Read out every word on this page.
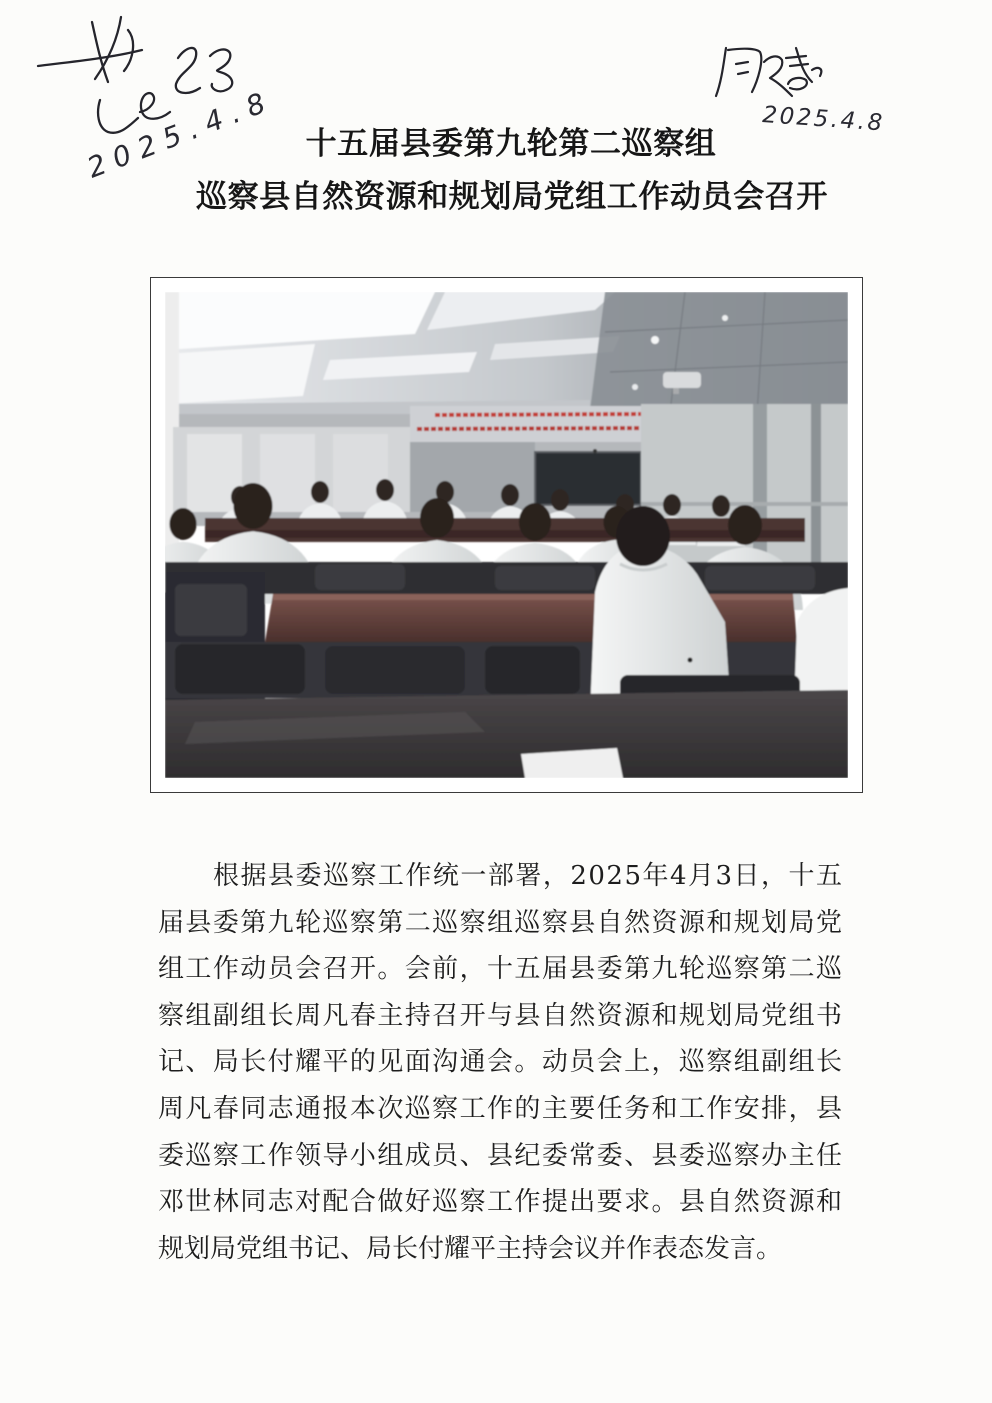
2025.4.8	2025.4.8
十五届县委第九轮第二巡察组
巡察县自然资源和规划局党组工作动员会召开
根据县委巡察工作统一部署，2025年4月3日，十五
届县委第九轮巡察第二巡察组巡察县自然资源和规划局党
组工作动员会召开。会前，十五届县委第九轮巡察第二巡
察组副组长周凡春主持召开与县自然资源和规划局党组书
记、局长付耀平的见面沟通会。动员会上，巡察组副组长
周凡春同志通报本次巡察工作的主要任务和工作安排，县
委巡察工作领导小组成员、县纪委常委、县委巡察办主任
邓世林同志对配合做好巡察工作提出要求。县自然资源和
规划局党组书记、局长付耀平主持会议并作表态发言。
